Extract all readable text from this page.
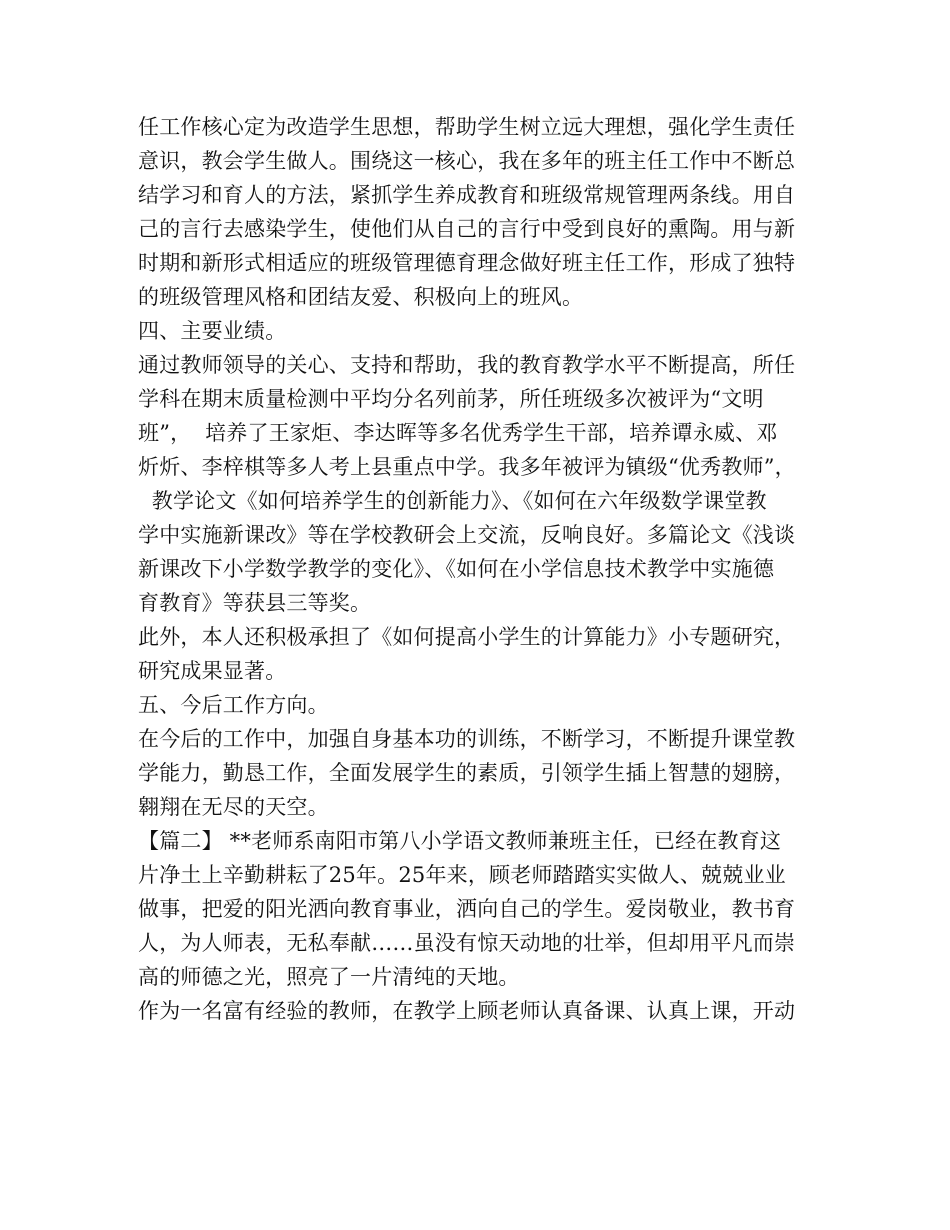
任工作核心定为改造学生思想，帮助学生树立远大理想，强化学生责任
意识，教会学生做人。围绕这一核心，我在多年的班主任工作中不断总
结学习和育人的方法，紧抓学生养成教育和班级常规管理两条线。用自
己的言行去感染学生，使他们从自己的言行中受到良好的熏陶。用与新
时期和新形式相适应的班级管理德育理念做好班主任工作，形成了独特
的班级管理风格和团结友爱、积极向上的班风。
四、主要业绩。
通过教师领导的关心、支持和帮助，我的教育教学水平不断提高，所任
学科在期末质量检测中平均分名列前茅，所任班级多次被评为“文明
班”，  培养了王家炬、李达晖等多名优秀学生干部，培养谭永威、邓
炘炘、李梓棋等多人考上县重点中学。我多年被评为镇级“优秀教师”，
教学论文《如何培养学生的创新能力》、《如何在六年级数学课堂教
学中实施新课改》等在学校教研会上交流，反响良好。多篇论文《浅谈
新课改下小学数学教学的变化》、《如何在小学信息技术教学中实施德
育教育》等获县三等奖。
此外，本人还积极承担了《如何提高小学生的计算能力》小专题研究，
研究成果显著。
五、今后工作方向。
在今后的工作中，加强自身基本功的训练，不断学习，不断提升课堂教
学能力，勤恳工作，全面发展学生的素质，引领学生插上智慧的翅膀，
翱翔在无尽的天空。
【篇二】 **老师系南阳市第八小学语文教师兼班主任，已经在教育这
片净土上辛勤耕耘了25年。25年来，顾老师踏踏实实做人、兢兢业业
做事，把爱的阳光洒向教育事业，洒向自己的学生。爱岗敬业，教书育
人，为人师表，无私奉献……虽没有惊天动地的壮举，但却用平凡而崇
高的师德之光，照亮了一片清纯的天地。
作为一名富有经验的教师，在教学上顾老师认真备课、认真上课，开动
